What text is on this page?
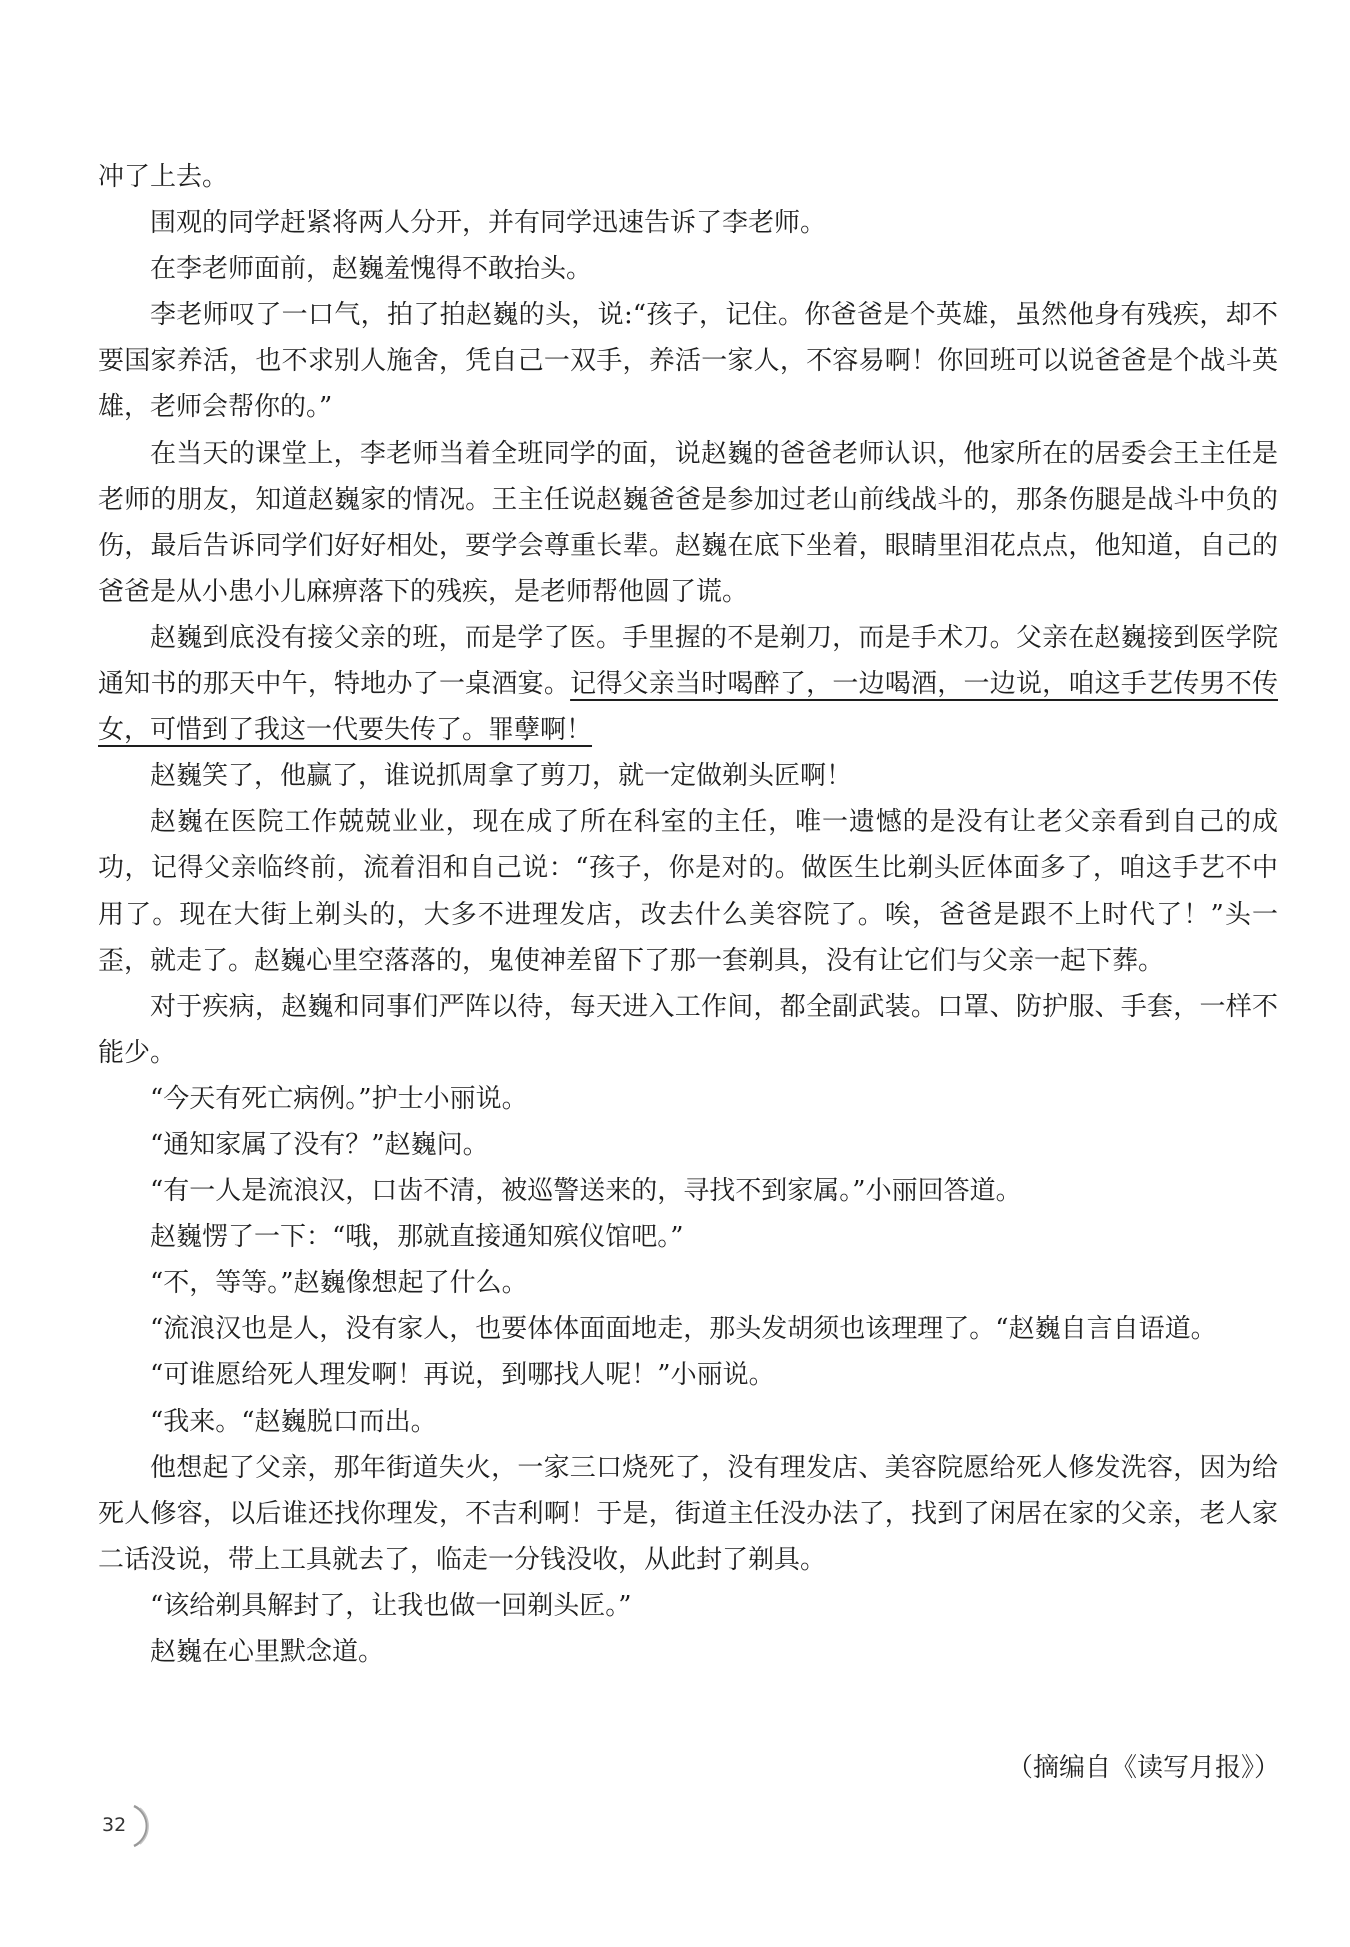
冲了上去。

围观的同学赶紧将两人分开，并有同学迅速告诉了李老师。

在李老师面前，赵巍羞愧得不敢抬头。

李老师叹了一口气，拍了拍赵巍的头，说:“孩子，记住。你爸爸是个英雄，虽然他身有残疾，却不要国家养活，也不求别人施舍，凭自己一双手，养活一家人，不容易啊！你回班可以说爸爸是个战斗英雄，老师会帮你的。”

在当天的课堂上，李老师当着全班同学的面，说赵巍的爸爸老师认识，他家所在的居委会王主任是老师的朋友，知道赵巍家的情况。王主任说赵巍爸爸是参加过老山前线战斗的，那条伤腿是战斗中负的伤，最后告诉同学们好好相处，要学会尊重长辈。赵巍在底下坐着，眼睛里泪花点点，他知道，自己的爸爸是从小患小儿麻痹落下的残疾，是老师帮他圆了谎。

赵巍到底没有接父亲的班，而是学了医。手里握的不是剃刀，而是手术刀。父亲在赵巍接到医学院通知书的那天中午，特地办了一桌酒宴。记得父亲当时喝醉了，一边喝酒，一边说，咱这手艺传男不传女，可惜到了我这一代要失传了。罪孽啊！

赵巍笑了，他赢了，谁说抓周拿了剪刀，就一定做剃头匠啊！

赵巍在医院工作兢兢业业，现在成了所在科室的主任，唯一遗憾的是没有让老父亲看到自己的成功，记得父亲临终前，流着泪和自己说：“孩子，你是对的。做医生比剃头匠体面多了，咱这手艺不中用了。现在大街上剃头的，大多不进理发店，改去什么美容院了。唉，爸爸是跟不上时代了！”头一歪，就走了。赵巍心里空落落的，鬼使神差留下了那一套剃具，没有让它们与父亲一起下葬。

对于疾病，赵巍和同事们严阵以待，每天进入工作间，都全副武装。口罩、防护服、手套，一样不能少。

“今天有死亡病例。”护士小丽说。

“通知家属了没有？”赵巍问。

“有一人是流浪汉，口齿不清，被巡警送来的，寻找不到家属。”小丽回答道。

赵巍愣了一下：“哦，那就直接通知殡仪馆吧。”

“不，等等。”赵巍像想起了什么。

“流浪汉也是人，没有家人，也要体体面面地走，那头发胡须也该理理了。“赵巍自言自语道。

“可谁愿给死人理发啊！再说，到哪找人呢！”小丽说。

“我来。“赵巍脱口而出。

他想起了父亲，那年街道失火，一家三口烧死了，没有理发店、美容院愿给死人修发洗容，因为给死人修容，以后谁还找你理发，不吉利啊！于是，街道主任没办法了，找到了闲居在家的父亲，老人家二话没说，带上工具就去了，临走一分钱没收，从此封了剃具。

“该给剃具解封了，让我也做一回剃头匠。”

赵巍在心里默念道。

（摘编自《读写月报》）
32
